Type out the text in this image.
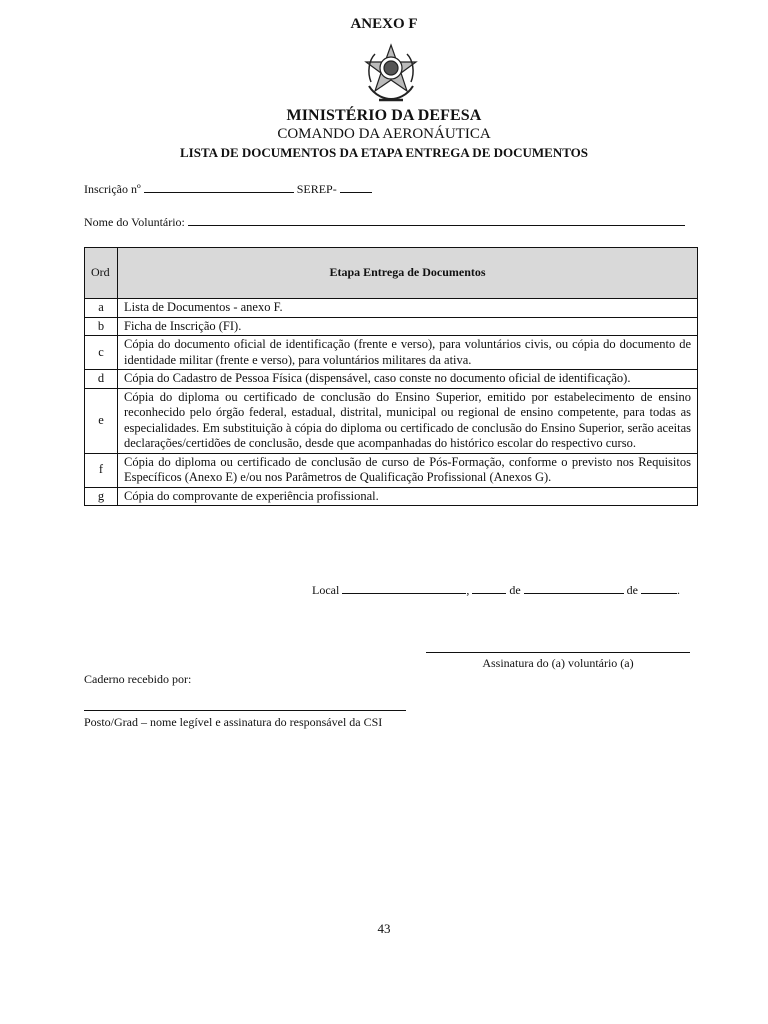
ANEXO F
MINISTÉRIO DA DEFESA
COMANDO DA AERONÁUTICA
LISTA DE DOCUMENTOS DA ETAPA ENTREGA DE DOCUMENTOS
Inscrição nº	SEREP-
Nome do Voluntário:
Ord	Etapa Entrega de Documentos
a	Lista de Documentos - anexo F.
b	Ficha de Inscrição (FI).
c	Cópia do documento oficial de identificação (frente e verso), para voluntários civis, ou cópia do documento de identidade militar (frente e verso), para voluntários militares da ativa.
d	Cópia do Cadastro de Pessoa Física (dispensável, caso conste no documento oficial de identificação).
e	Cópia do diploma ou certificado de conclusão do Ensino Superior, emitido por estabelecimento de ensino reconhecido pelo órgão federal, estadual, distrital, municipal ou regional de ensino competente, para todas as especialidades. Em substituição à cópia do diploma ou certificado de conclusão do Ensino Superior, serão aceitas declarações/certidões de conclusão, desde que acompanhadas do histórico escolar do respectivo curso.
f	Cópia do diploma ou certificado de conclusão de curso de Pós-Formação, conforme o previsto nos Requisitos Específicos (Anexo E) e/ou nos Parâmetros de Qualificação Profissional (Anexos G).
g	Cópia do comprovante de experiência profissional.
Local	,	de	de	.
Assinatura do (a) voluntário (a)
Caderno recebido por:
Posto/Grad – nome legível e assinatura do responsável da CSI
43
